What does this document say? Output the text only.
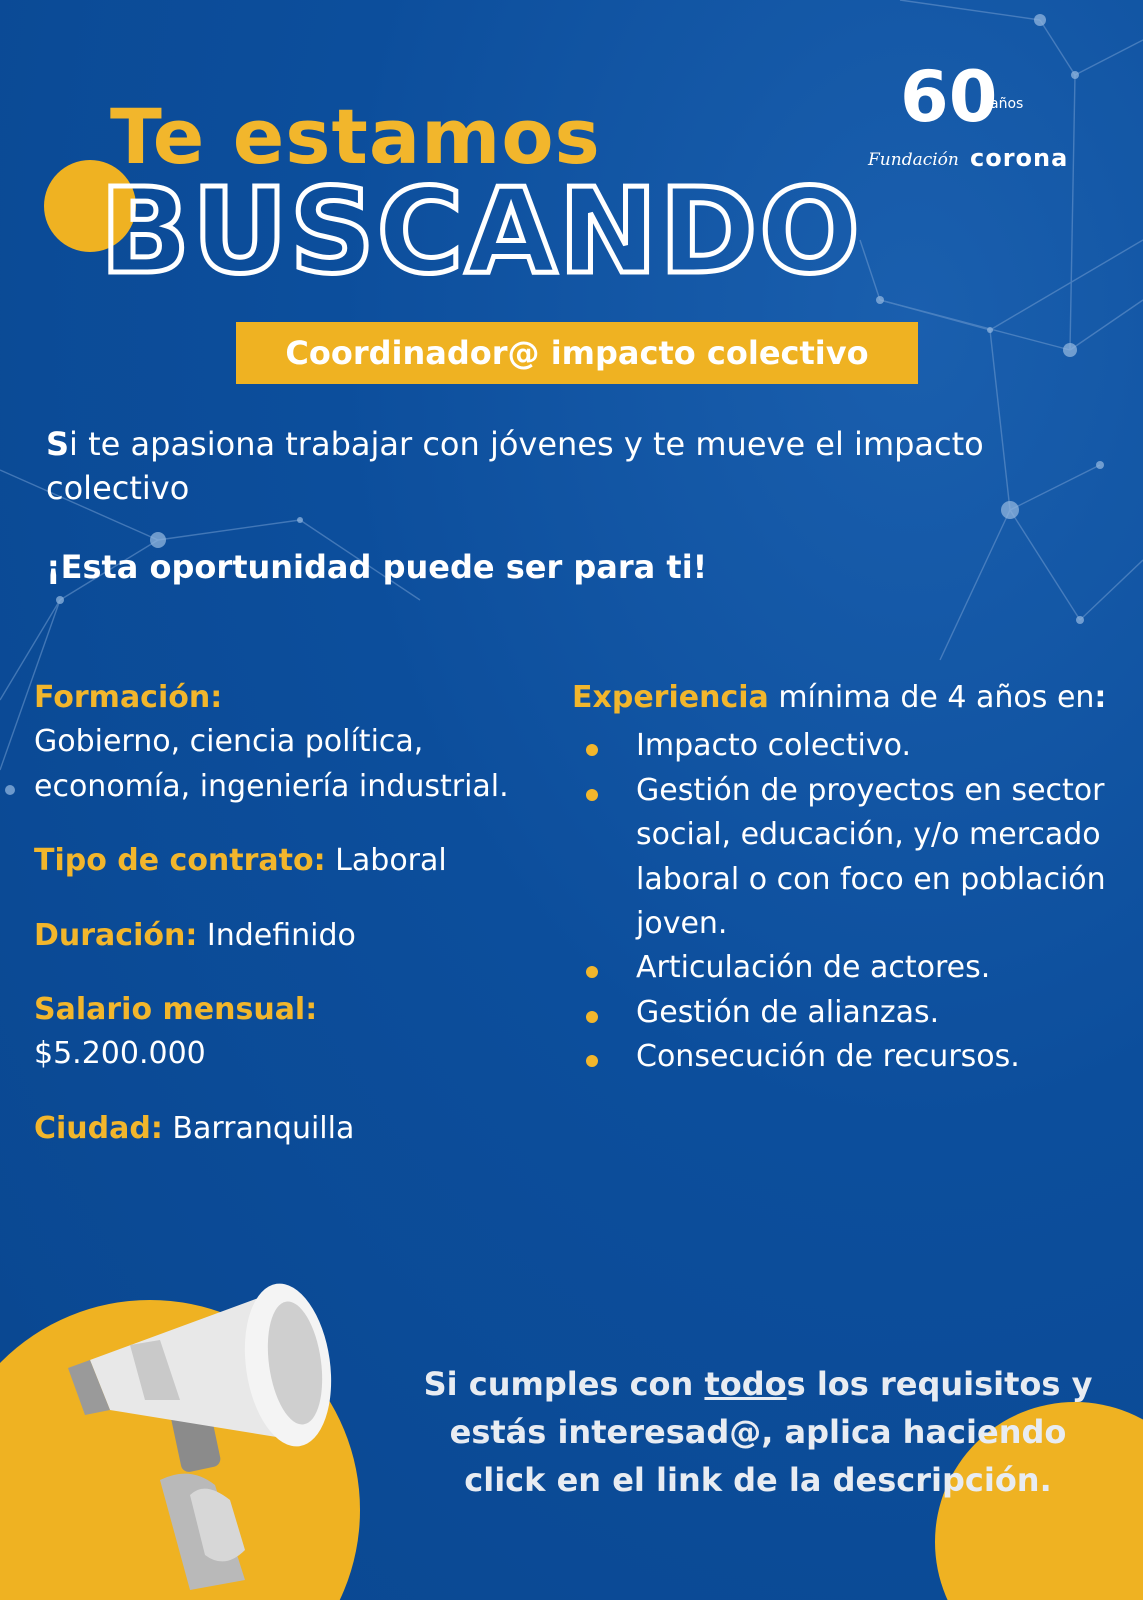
Te estamos
BUSCANDO
60
años
Fundación corona
Coordinador@ impacto colectivo
Si te apasiona trabajar con jóvenes y te mueve el impacto colectivo
¡Esta oportunidad puede ser para ti!
Formación:
Gobierno, ciencia política, economía, ingeniería industrial.
Tipo de contrato: Laboral
Duración: Indefinido
Salario mensual:
$5.200.000
Ciudad: Barranquilla
Experiencia mínima de 4 años en:
Impacto colectivo.
Gestión de proyectos en sector social, educación, y/o mercado laboral o con foco en población joven.
Articulación de actores.
Gestión de alianzas.
Consecución de recursos.
Si cumples con todos los requisitos y estás interesad@, aplica haciendo click en el link de la descripción.
